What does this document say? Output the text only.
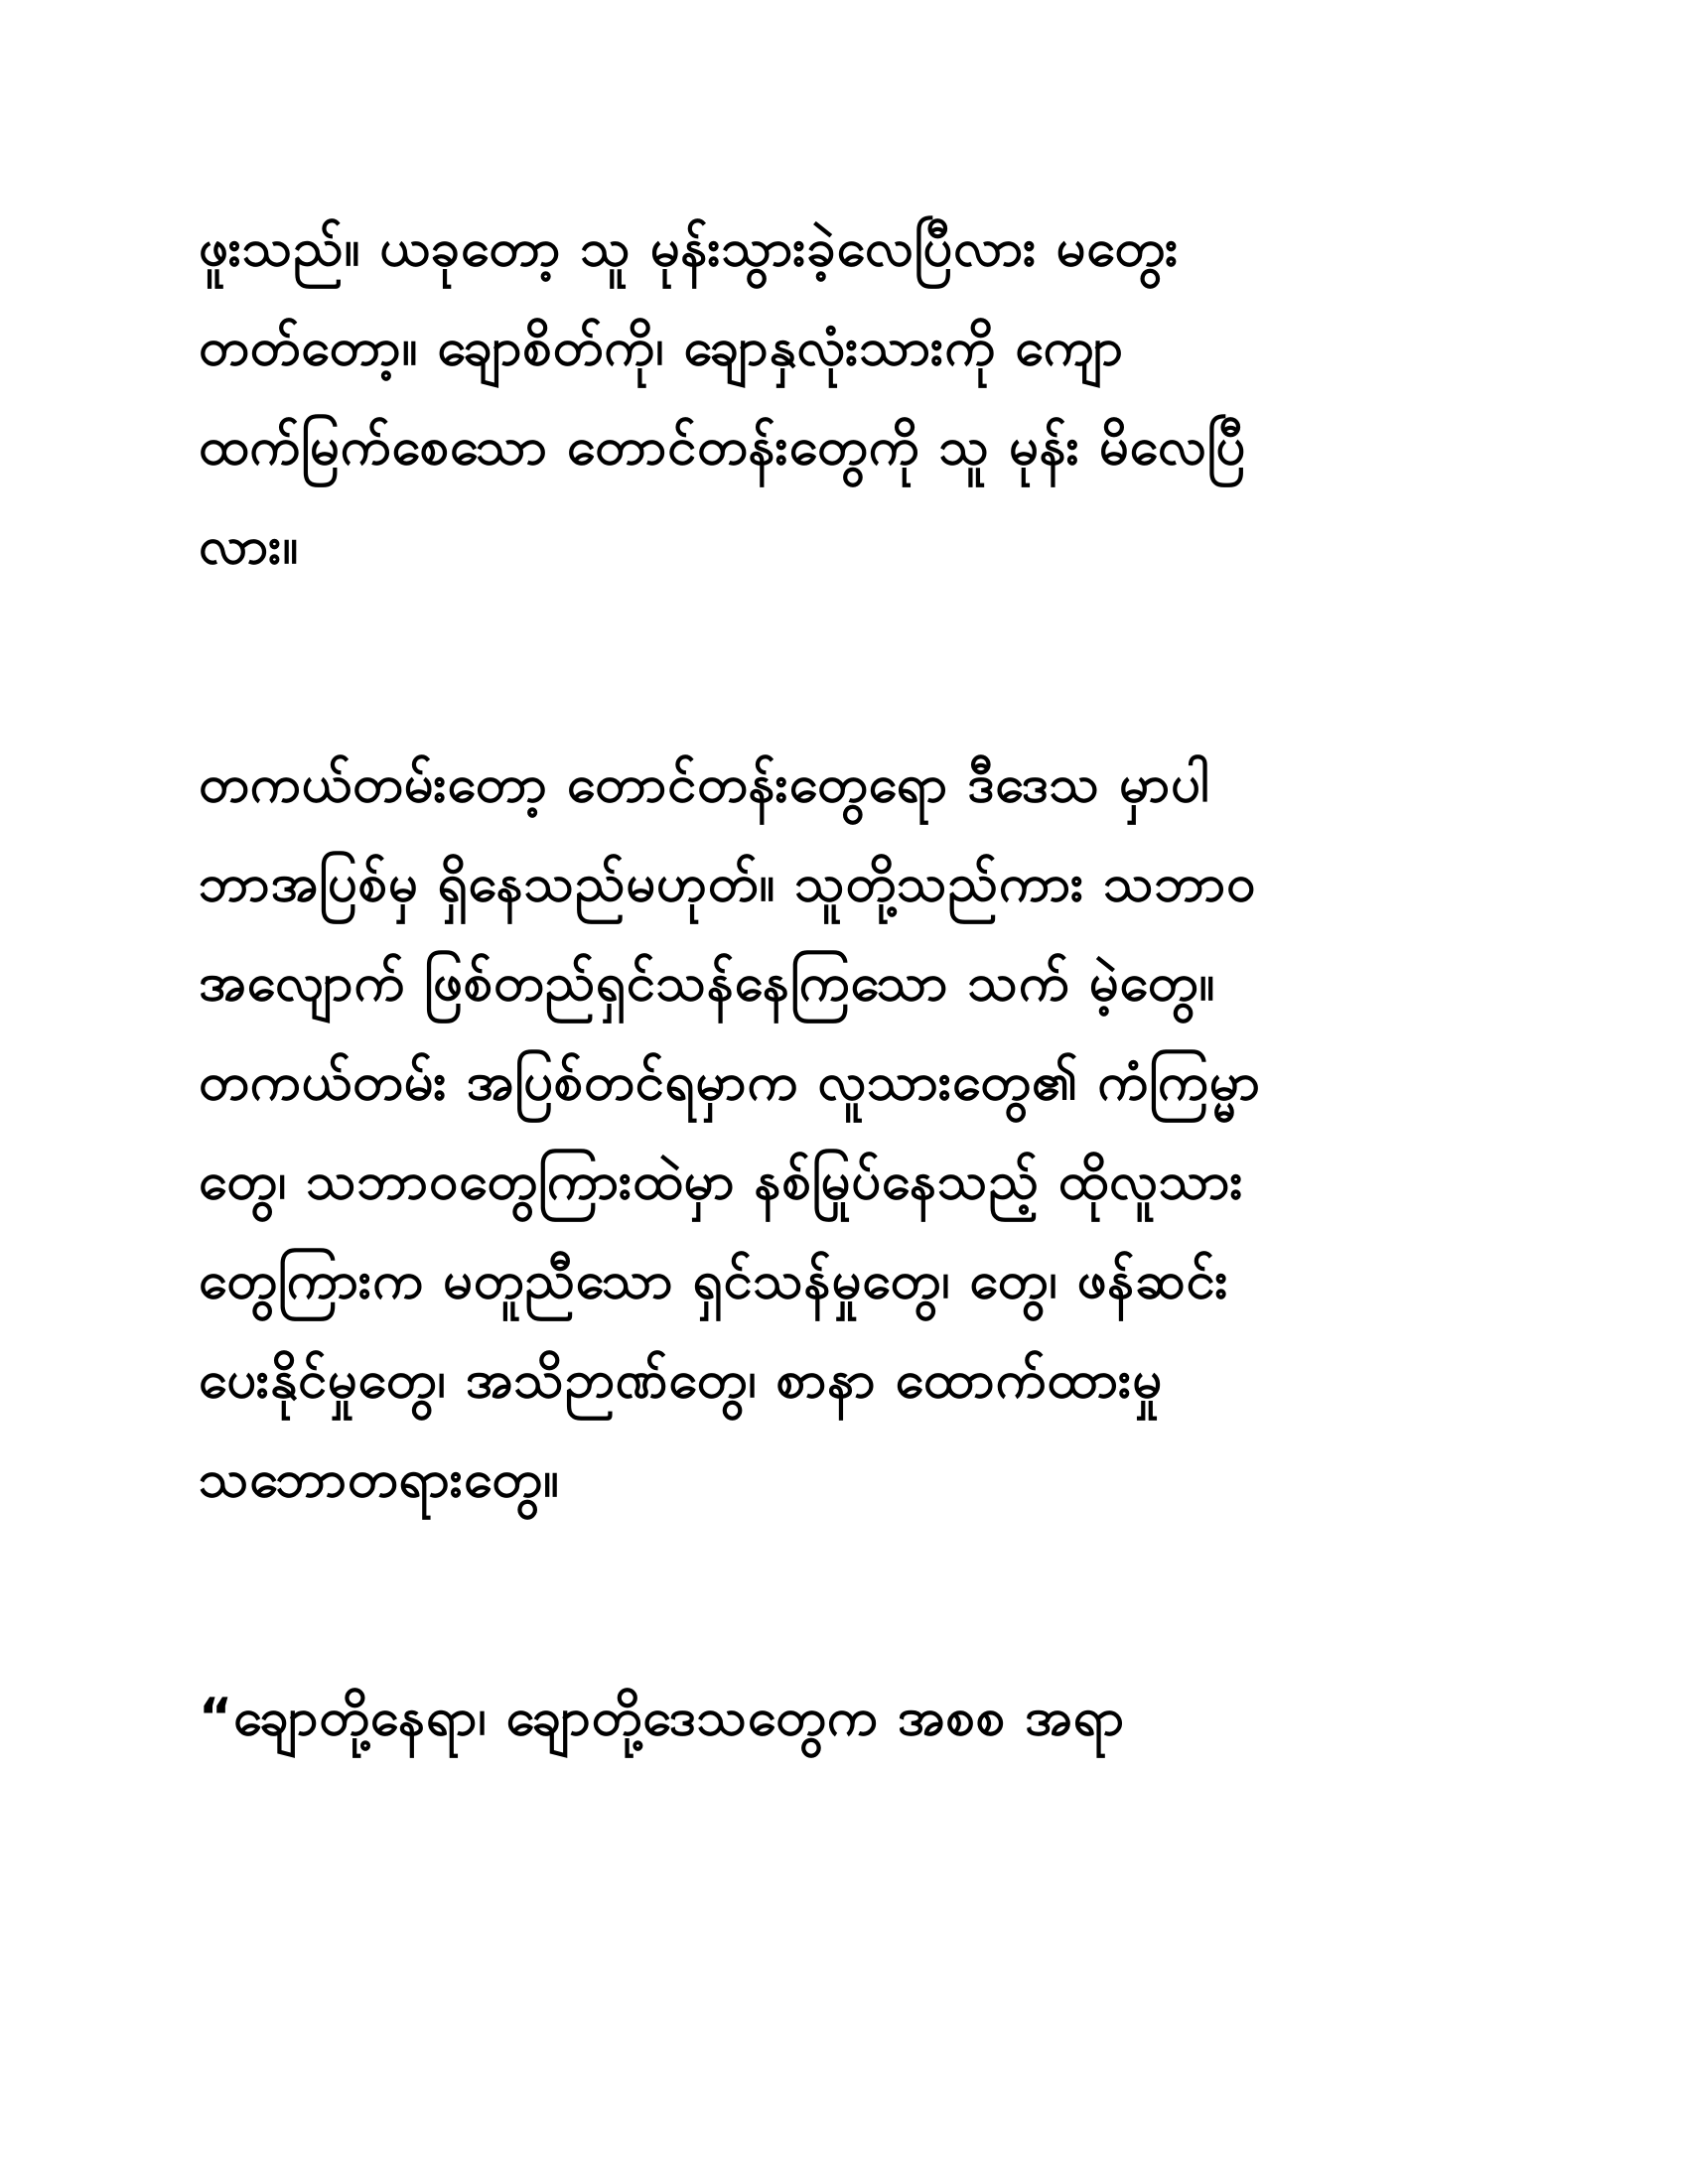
ဖူးသည်။ ယခုတော့ သူ မုန်းသွားခဲ့လေပြီလား မတွေး
တတ်တော့။ ချောစိတ်ကို၊ ချောနှလုံးသားကို ကျော
ထက်မြက်စေသော တောင်တန်းတွေကို သူ မုန်း မိလေပြီ
လား။
တကယ်တမ်းတော့ တောင်တန်းတွေရော ဒီဒေသ မှာပါ
ဘာအပြစ်မှ ရှိနေသည်မဟုတ်။ သူတို့သည်ကား သဘာဝ
အလျောက် ဖြစ်တည်ရှင်သန်နေကြသော သက် မဲ့တွေ။
တကယ်တမ်း အပြစ်တင်ရမှာက လူသားတွေ၏ ကံကြမ္မာ
တွေ၊ သဘာဝတွေကြားထဲမှာ နစ်မြုပ်နေသည့် ထိုလူသား
တွေကြားက မတူညီသော ရှင်သန်မှုတွေ၊ တွေ၊ ဖန်ဆင်း
ပေးနိုင်မှုတွေ၊ အသိဉာဏ်တွေ၊ စာနာ ထောက်ထားမှု
သဘောတရားတွေ။
“ချောတို့နေရာ၊ ချောတို့ဒေသတွေက အစစ အရာ
